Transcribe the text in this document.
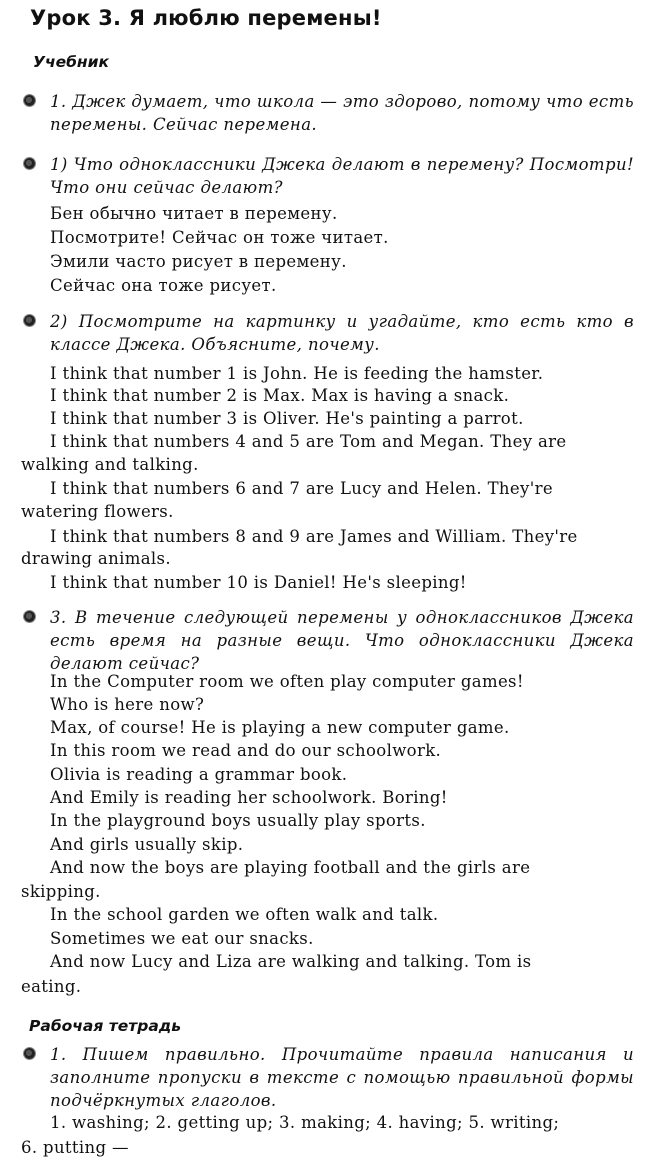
Урок 3. Я люблю перемены!
Учебник
1. Джек думает, что школа — это здорово, потому что есть перемены. Сейчас перемена.
1) Что одноклассники Джека делают в перемену? Посмотри! Что они сейчас делают?
Бен обычно читает в перемену.
Посмотрите! Сейчас он тоже читает.
Эмили часто рисует в перемену.
Сейчас она тоже рисует.
2) Посмотрите на картинку и угадайте, кто есть кто в классе Джека. Объясните, почему.
I think that number 1 is John. He is feeding the hamster.
I think that number 2 is Max. Max is having a snack.
I think that number 3 is Oliver. He's painting a parrot.
I think that numbers 4 and 5 are Tom and Megan. They are
walking and talking.
I think that numbers 6 and 7 are Lucy and Helen. They're
watering flowers.
I think that numbers 8 and 9 are James and William. They're
drawing animals.
I think that number 10 is Daniel! He's sleeping!
3. В течение следующей перемены у одноклассников Джека есть время на разные вещи. Что одноклассники Джека делают сейчас?
In the Computer room we often play computer games!
Who is here now?
Max, of course! He is playing a new computer game.
In this room we read and do our schoolwork.
Olivia is reading a grammar book.
And Emily is reading her schoolwork. Boring!
In the playground boys usually play sports.
And girls usually skip.
And now the boys are playing football and the girls are
skipping.
In the school garden we often walk and talk.
Sometimes we eat our snacks.
And now Lucy and Liza are walking and talking. Tom is
eating.
Рабочая тетрадь
1. Пишем правильно. Прочитайте правила написания и заполните пропуски в тексте с помощью правильной формы подчёркнутых глаголов.
1. washing; 2. getting up; 3. making; 4. having; 5. writing;
6. putting —
